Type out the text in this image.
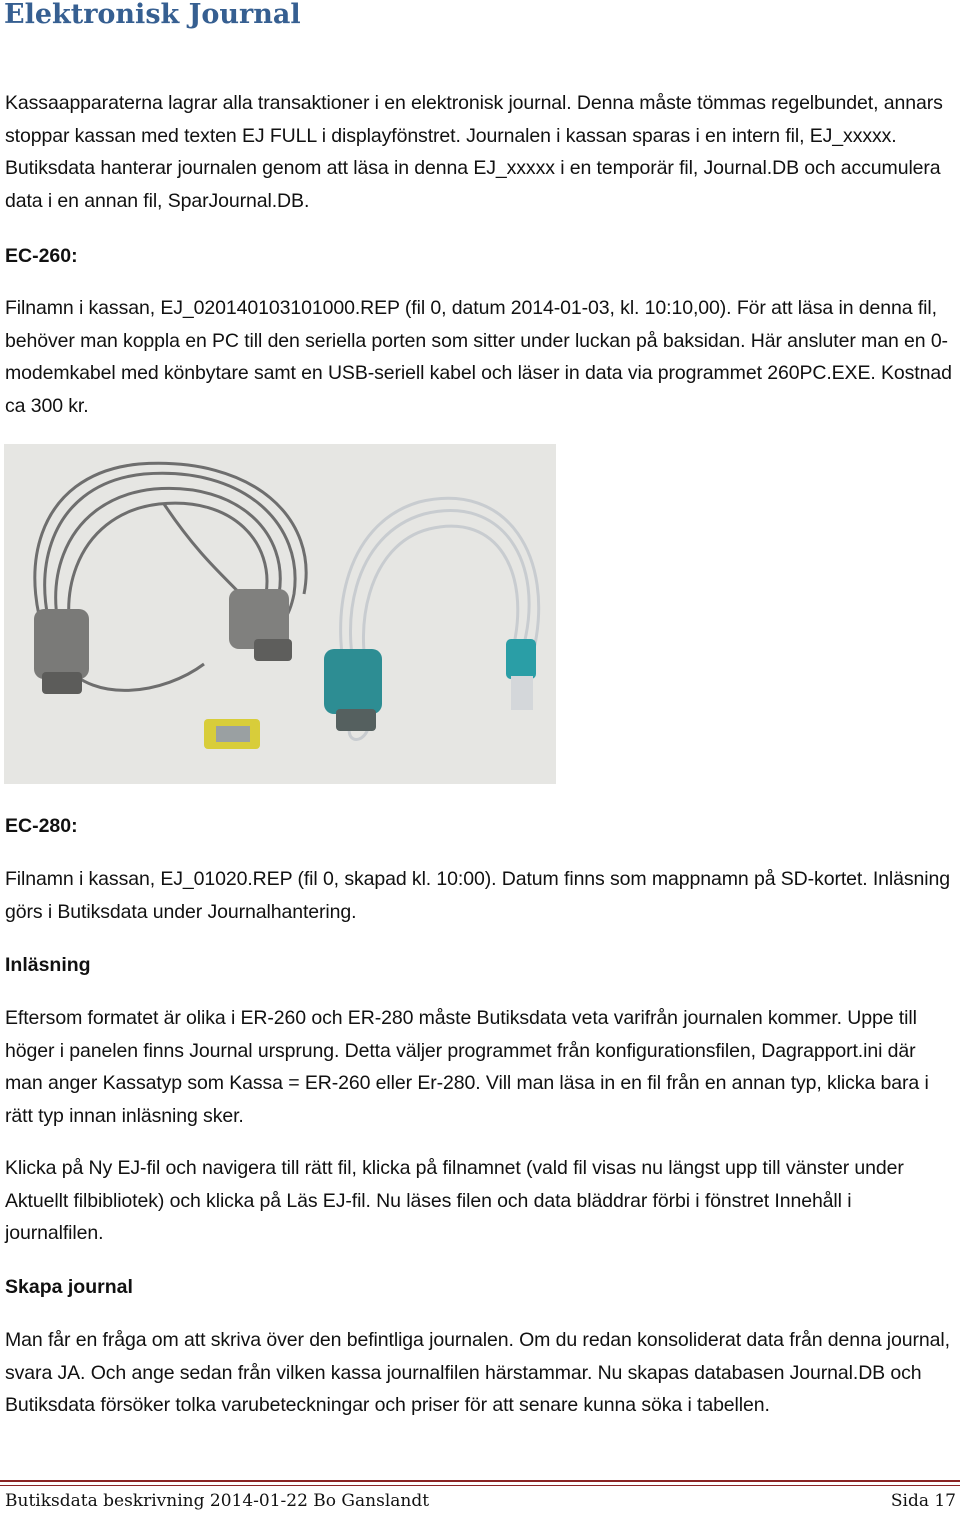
Elektronisk Journal

Kassaapparaterna lagrar alla transaktioner i en elektronisk journal. Denna måste tömmas regelbundet, annars stoppar kassan med texten EJ FULL i displayfönstret. Journalen i kassan sparas i en intern fil, EJ_xxxxx. Butiksdata hanterar journalen genom att läsa in denna EJ_xxxxx i en temporär fil, Journal.DB och accumulera data i en annan fil, SparJournal.DB.

EC-260:

Filnamn i kassan, EJ_020140103101000.REP (fil 0, datum 2014-01-03, kl. 10:10,00). För att läsa in denna fil, behöver man koppla en PC till den seriella porten som sitter under luckan på baksidan. Här ansluter man en 0-modemkabel med könbytare samt en USB-seriell kabel och läser in data via programmet 260PC.EXE. Kostnad ca 300 kr.

EC-280:

Filnamn i kassan, EJ_01020.REP (fil 0, skapad kl. 10:00). Datum finns som mappnamn på SD-kortet. Inläsning görs i Butiksdata under Journalhantering.

Inläsning

Eftersom formatet är olika i ER-260 och ER-280 måste Butiksdata veta varifrån journalen kommer. Uppe till höger i panelen finns Journal ursprung. Detta väljer programmet från konfigurationsfilen, Dagrapport.ini där man anger Kassatyp som Kassa = ER-260 eller Er-280. Vill man läsa in en fil från en annan typ, klicka bara i rätt typ innan inläsning sker.

Klicka på Ny EJ-fil och navigera till rätt fil, klicka på filnamnet (vald fil visas nu längst upp till vänster under Aktuellt filbibliotek) och klicka på Läs EJ-fil. Nu läses filen och data bläddrar förbi i fönstret Innehåll i journalfilen.

Skapa journal

Man får en fråga om att skriva över den befintliga journalen. Om du redan konsoliderat data från denna journal, svara JA. Och ange sedan från vilken kassa journalfilen härstammar. Nu skapas databasen Journal.DB och Butiksdata försöker tolka varubeteckningar och priser för att senare kunna söka i tabellen.

Butiksdata beskrivning 2014-01-22 Bo Ganslandt	Sida 17
